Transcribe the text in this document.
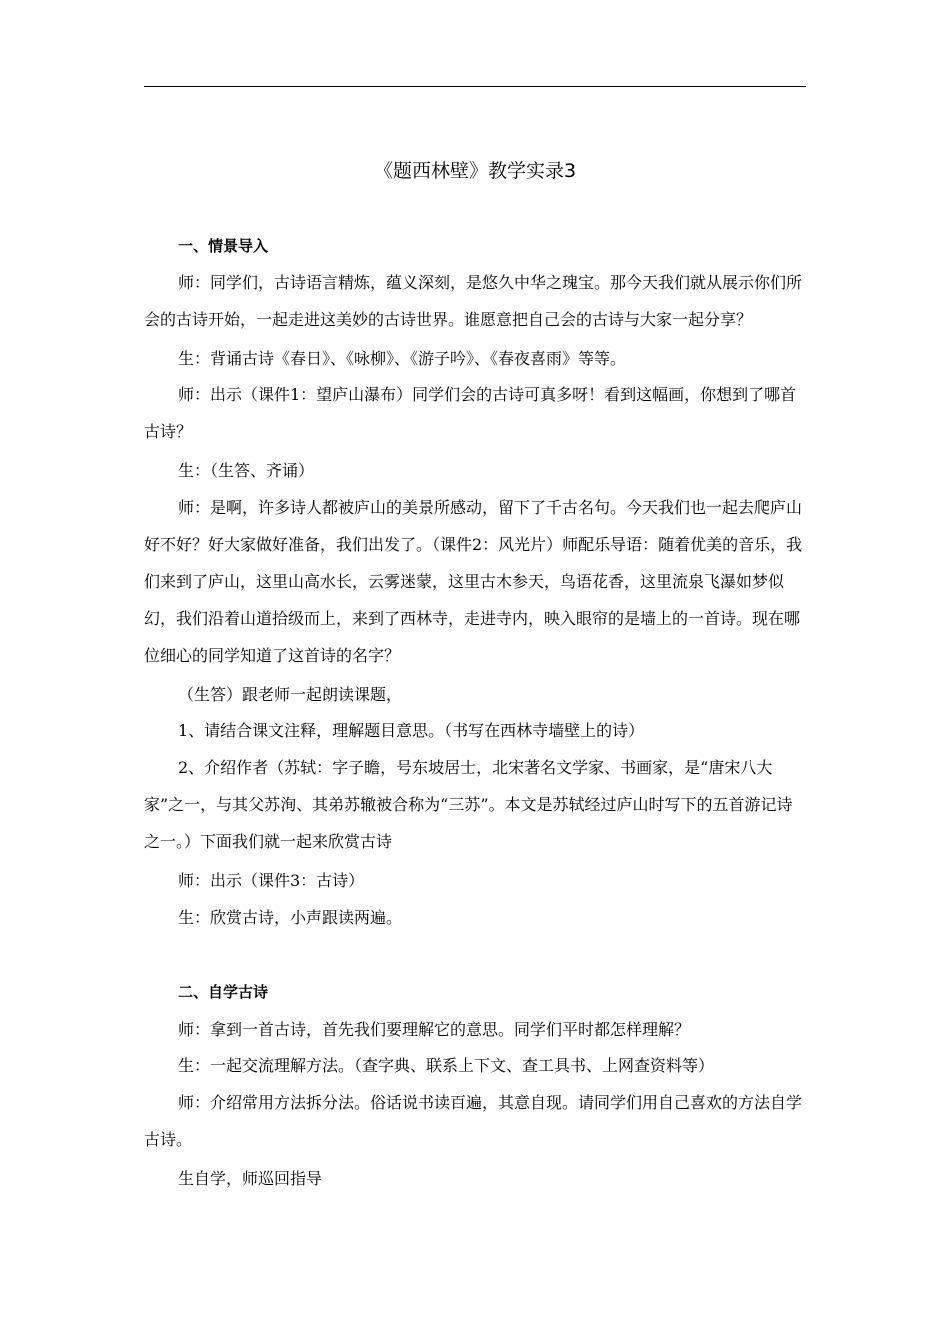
《题西林壁》教学实录3
一、情景导入

师：同学们，古诗语言精炼，蕴义深刻，是悠久中华之瑰宝。那今天我们就从展示你们所会的古诗开始，一起走进这美妙的古诗世界。谁愿意把自己会的古诗与大家一起分享？

生：背诵古诗《春日》、《咏柳》、《游子吟》、《春夜喜雨》等等。

师：出示（课件1：望庐山瀑布）同学们会的古诗可真多呀！看到这幅画，你想到了哪首古诗？

生：（生答、齐诵）

师：是啊，许多诗人都被庐山的美景所感动，留下了千古名句。今天我们也一起去爬庐山好不好？好大家做好准备，我们出发了。（课件2：风光片）师配乐导语：随着优美的音乐，我们来到了庐山，这里山高水长，云雾迷蒙，这里古木参天，鸟语花香，这里流泉飞瀑如梦似幻，我们沿着山道拾级而上，来到了西林寺，走进寺内，映入眼帘的是墙上的一首诗。现在哪位细心的同学知道了这首诗的名字？

（生答）跟老师一起朗读课题，

1、请结合课文注释，理解题目意思。（书写在西林寺墙壁上的诗）

2、介绍作者（苏轼：字子瞻，号东坡居士，北宋著名文学家、书画家，是“唐宋八大家”之一，与其父苏洵、其弟苏辙被合称为“三苏”。本文是苏轼经过庐山时写下的五首游记诗之一。）下面我们就一起来欣赏古诗

师：出示（课件3：古诗）

生：欣赏古诗，小声跟读两遍。

二、自学古诗

师：拿到一首古诗，首先我们要理解它的意思。同学们平时都怎样理解？

生：一起交流理解方法。（查字典、联系上下文、查工具书、上网查资料等）

师：介绍常用方法拆分法。俗话说书读百遍，其意自现。请同学们用自己喜欢的方法自学古诗。

生自学，师巡回指导
